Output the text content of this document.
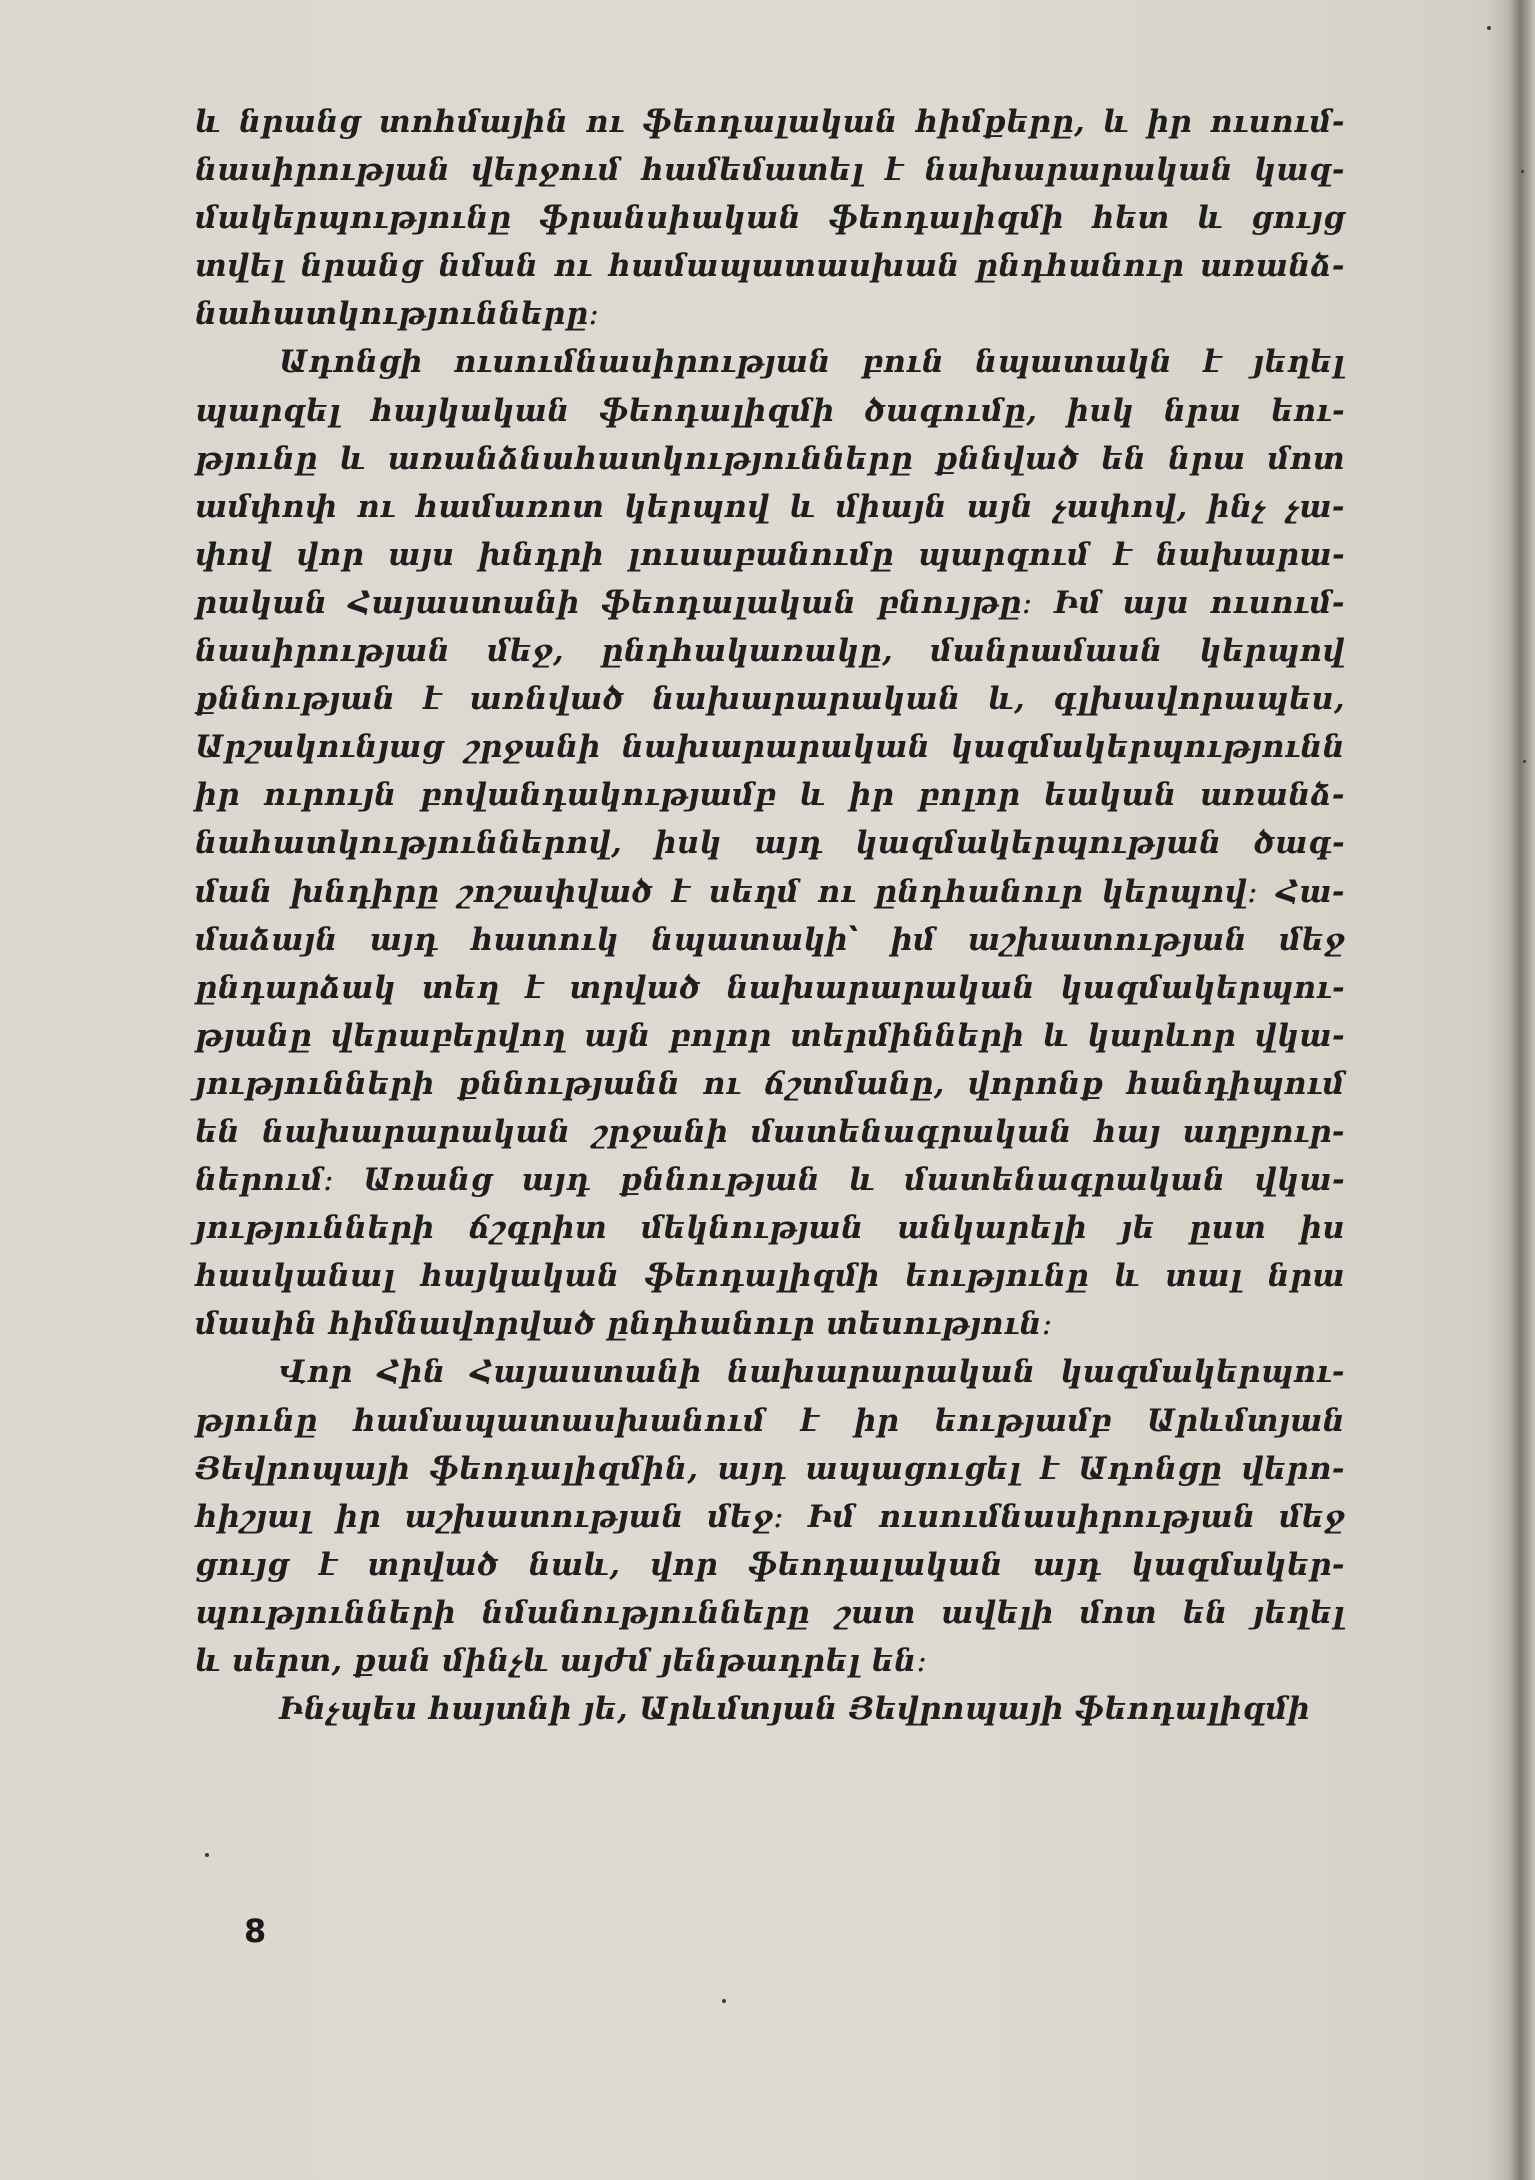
և նրանց տոհմային ու ֆեոդալական հիմքերը, և իր ուսում-
նասիրության վերջում համեմատել է նախարարական կազ-
մակերպությունը ֆրանսիական ֆեոդալիզմի հետ և ցույց
տվել նրանց նման ու համապատասխան ընդհանուր առանձ-
նահատկությունները։

Ադոնցի ուսումնասիրության բուն նպատակն է յեղել
պարզել հայկական ֆեոդալիզմի ծագումը, իսկ նրա եու-
թյունը և առանձնահատկությունները քննված են նրա մոտ
ամփոփ ու համառոտ կերպով և միայն այն չափով, ինչ չա-
փով վոր այս խնդրի լուսաբանումը պարզում է նախարա-
րական Հայաստանի ֆեոդալական բնույթը։ Իմ այս ուսում-
նասիրության մեջ, ընդհակառակը, մանրամասն կերպով
քննության է առնված նախարարական և, գլխավորապես,
Արշակունյաց շրջանի նախարարական կազմակերպությունն
իր ուրույն բովանդակությամբ և իր բոլոր եական առանձ-
նահատկություններով, իսկ այդ կազմակերպության ծագ-
ման խնդիրը շոշափված է սեղմ ու ընդհանուր կերպով։ Հա-
մաձայն այդ հատուկ նպատակի՝ իմ աշխատության մեջ
ընդարձակ տեղ է տրված նախարարական կազմակերպու-
թյանը վերաբերվող այն բոլոր տերմինների և կարևոր վկա-
յությունների քննությանն ու ճշտմանը, վորոնք հանդիպում
են նախարարական շրջանի մատենագրական հայ աղբյուր-
ներում։ Առանց այդ քննության և մատենագրական վկա-
յությունների ճշգրիտ մեկնության անկարելի յե ըստ իս
հասկանալ հայկական ֆեոդալիզմի եությունը և տալ նրա
մասին հիմնավորված ընդհանուր տեսություն։

Վոր Հին Հայաստանի նախարարական կազմակերպու-
թյունը համապատասխանում է իր եությամբ Արևմտյան
Յեվրոպայի ֆեոդալիզմին, այդ ապացուցել է Ադոնցը վերո-
հիշյալ իր աշխատության մեջ։ Իմ ուսումնասիրության մեջ
ցույց է տրված նաև, վոր ֆեոդալական այդ կազմակեր-
պությունների նմանությունները շատ ավելի մոտ են յեղել
և սերտ, քան մինչև այժմ յենթադրել են։

Ինչպես հայտնի յե, Արևմտյան Յեվրոպայի ֆեոդալիզմի

8
